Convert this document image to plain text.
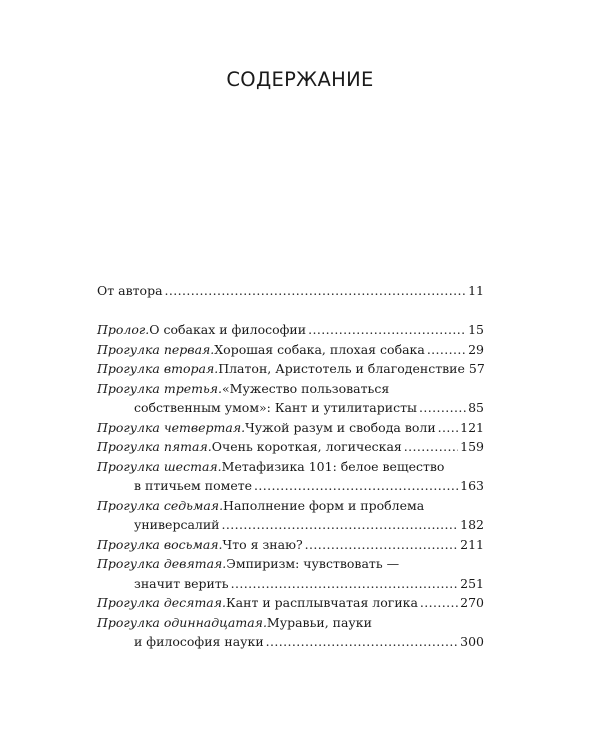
СОДЕРЖАНИЕ
От автора .....	11
Пролог. О собаках и философии .....	15
Прогулка первая. Хорошая собака, плохая собака .....	29
Прогулка вторая. Платон, Аристотель и благоденствие 57
Прогулка третья. «Мужество пользоваться
собственным умом»: Кант и утилитаристы .....	85
Прогулка четвертая. Чужой разум и свобода воли ..... 121
Прогулка пятая. Очень короткая, логическая .....	159
Прогулка шестая. Метафизика 101: белое вещество
в птичьем помете .....	163
Прогулка седьмая. Наполнение форм и проблема
универсалий .....	182
Прогулка восьмая. Что я знаю? .....	211
Прогулка девятая. Эмпиризм: чувствовать —
значит верить .....	251
Прогулка десятая. Кант и расплывчатая логика .....	270
Прогулка одиннадцатая. Муравьи, пауки
и философия науки .....	300
